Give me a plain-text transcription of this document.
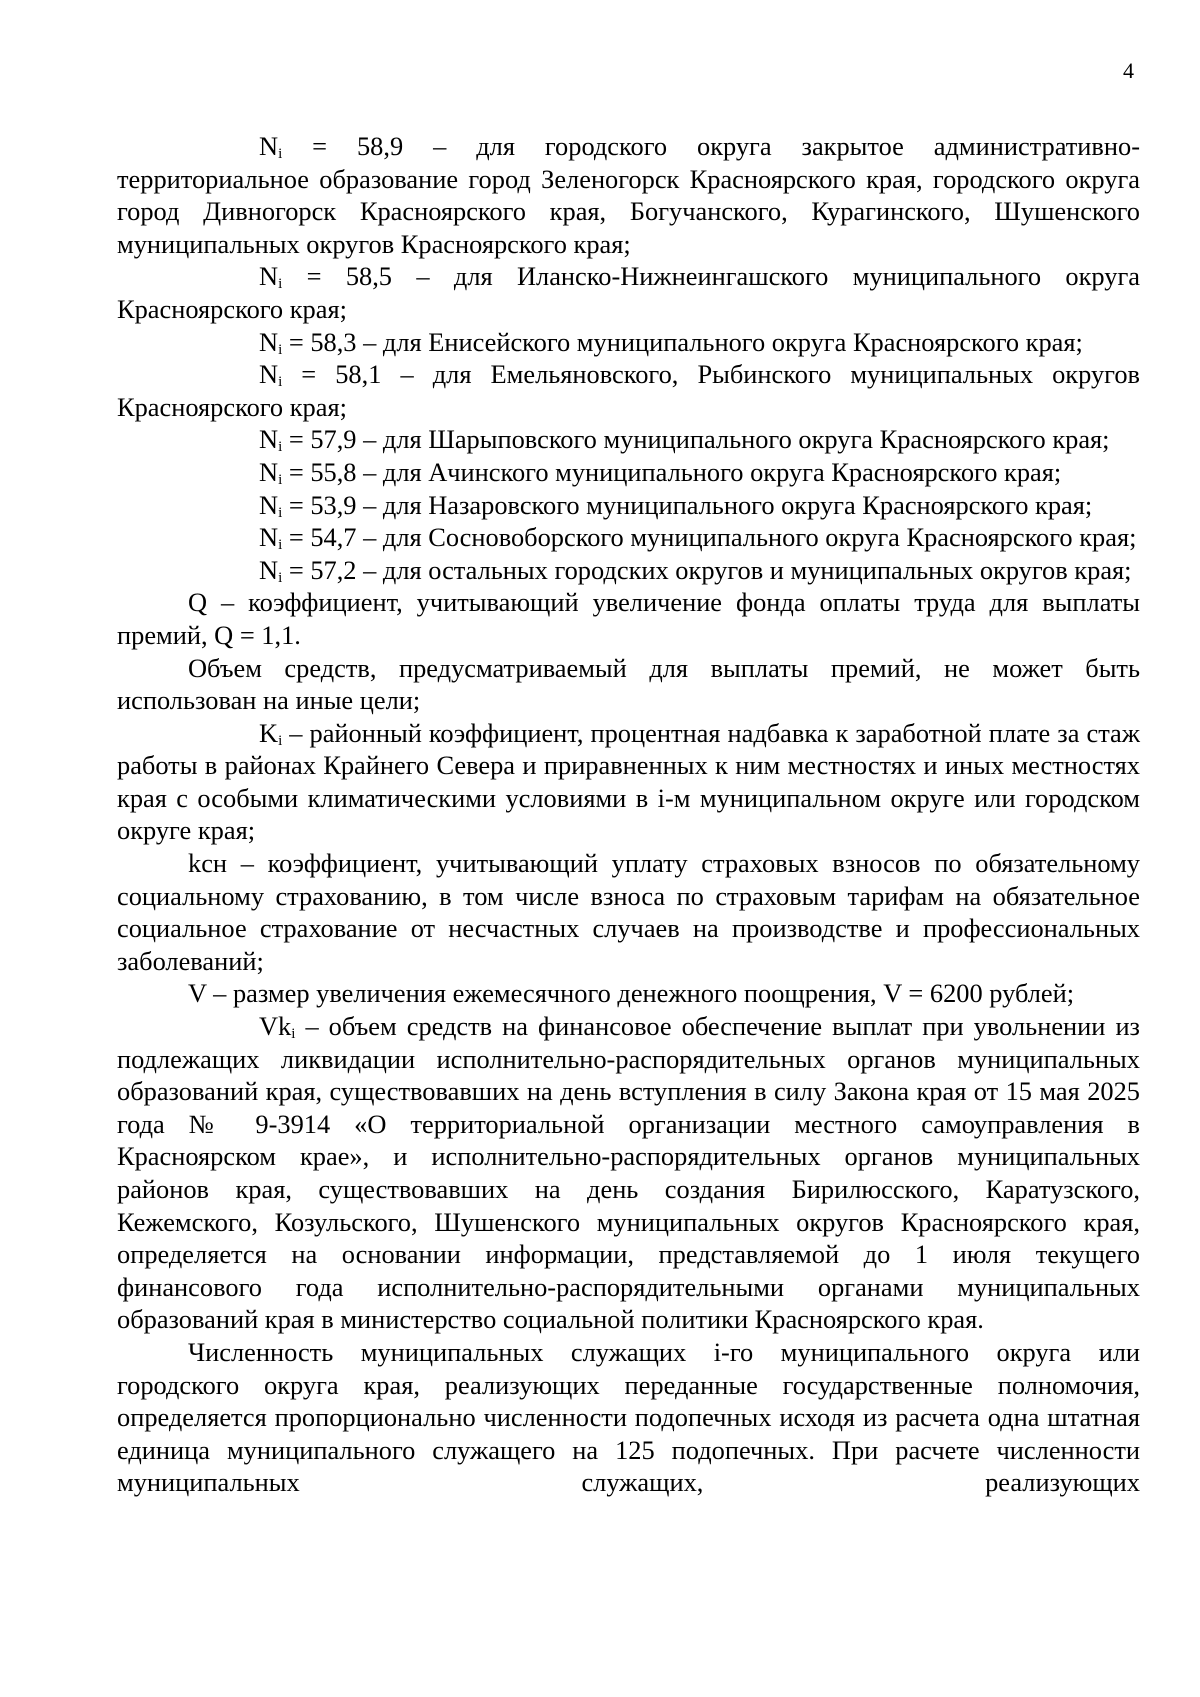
4

$N_i = 58,9$ – для городского округа закрытое административно-территориальное образование город Зеленогорск Красноярского края, городского округа город Дивногорск Красноярского края, Богучанского, Курагинского, Шушенского муниципальных округов Красноярского края;

$N_i = 58,5$ – для Иланско-Нижнеингашского муниципального округа Красноярского края;

$N_i = 58,3$ – для Енисейского муниципального округа Красноярского края;

$N_i = 58,1$ – для Емельяновского, Рыбинского муниципальных округов Красноярского края;

$N_i = 57,9$ – для Шарыповского муниципального округа Красноярского края;

$N_i = 55,8$ – для Ачинского муниципального округа Красноярского края;

$N_i = 53,9$ – для Назаровского муниципального округа Красноярского края;

$N_i = 54,7$ – для Сосновоборского муниципального округа Красноярского края;

$N_i = 57,2$ – для остальных городских округов и муниципальных округов края;

Q – коэффициент, учитывающий увеличение фонда оплаты труда для выплаты премий, Q = 1,1.

Объем средств, предусматриваемый для выплаты премий, не может быть использован на иные цели;

$K_i$ – районный коэффициент, процентная надбавка к заработной плате за стаж работы в районах Крайнего Севера и приравненных к ним местностях и иных местностях края с особыми климатическими условиями в i-м муниципальном округе или городском округе края;

kсн – коэффициент, учитывающий уплату страховых взносов по обязательному социальному страхованию, в том числе взноса по страховым тарифам на обязательное социальное страхование от несчастных случаев на производстве и профессиональных заболеваний;

V – размер увеличения ежемесячного денежного поощрения, V = 6200 рублей;

$Vk_i$ – объем средств на финансовое обеспечение выплат при увольнении из подлежащих ликвидации исполнительно-распорядительных органов муниципальных образований края, существовавших на день вступления в силу Закона края от 15 мая 2025 года № 9-3914 «О территориальной организации местного самоуправления в Красноярском крае», и исполнительно-распорядительных органов муниципальных районов края, существовавших на день создания Бирилюсского, Каратузского, Кежемского, Козульского, Шушенского муниципальных округов Красноярского края, определяется на основании информации, представляемой до 1 июля текущего финансового года исполнительно-распорядительными органами муниципальных образований края в министерство социальной политики Красноярского края.

Численность муниципальных служащих i-го муниципального округа или городского округа края, реализующих переданные государственные полномочия, определяется пропорционально численности подопечных исходя из расчета одна штатная единица муниципального служащего на 125 подопечных. При расчете численности муниципальных служащих, реализующих
